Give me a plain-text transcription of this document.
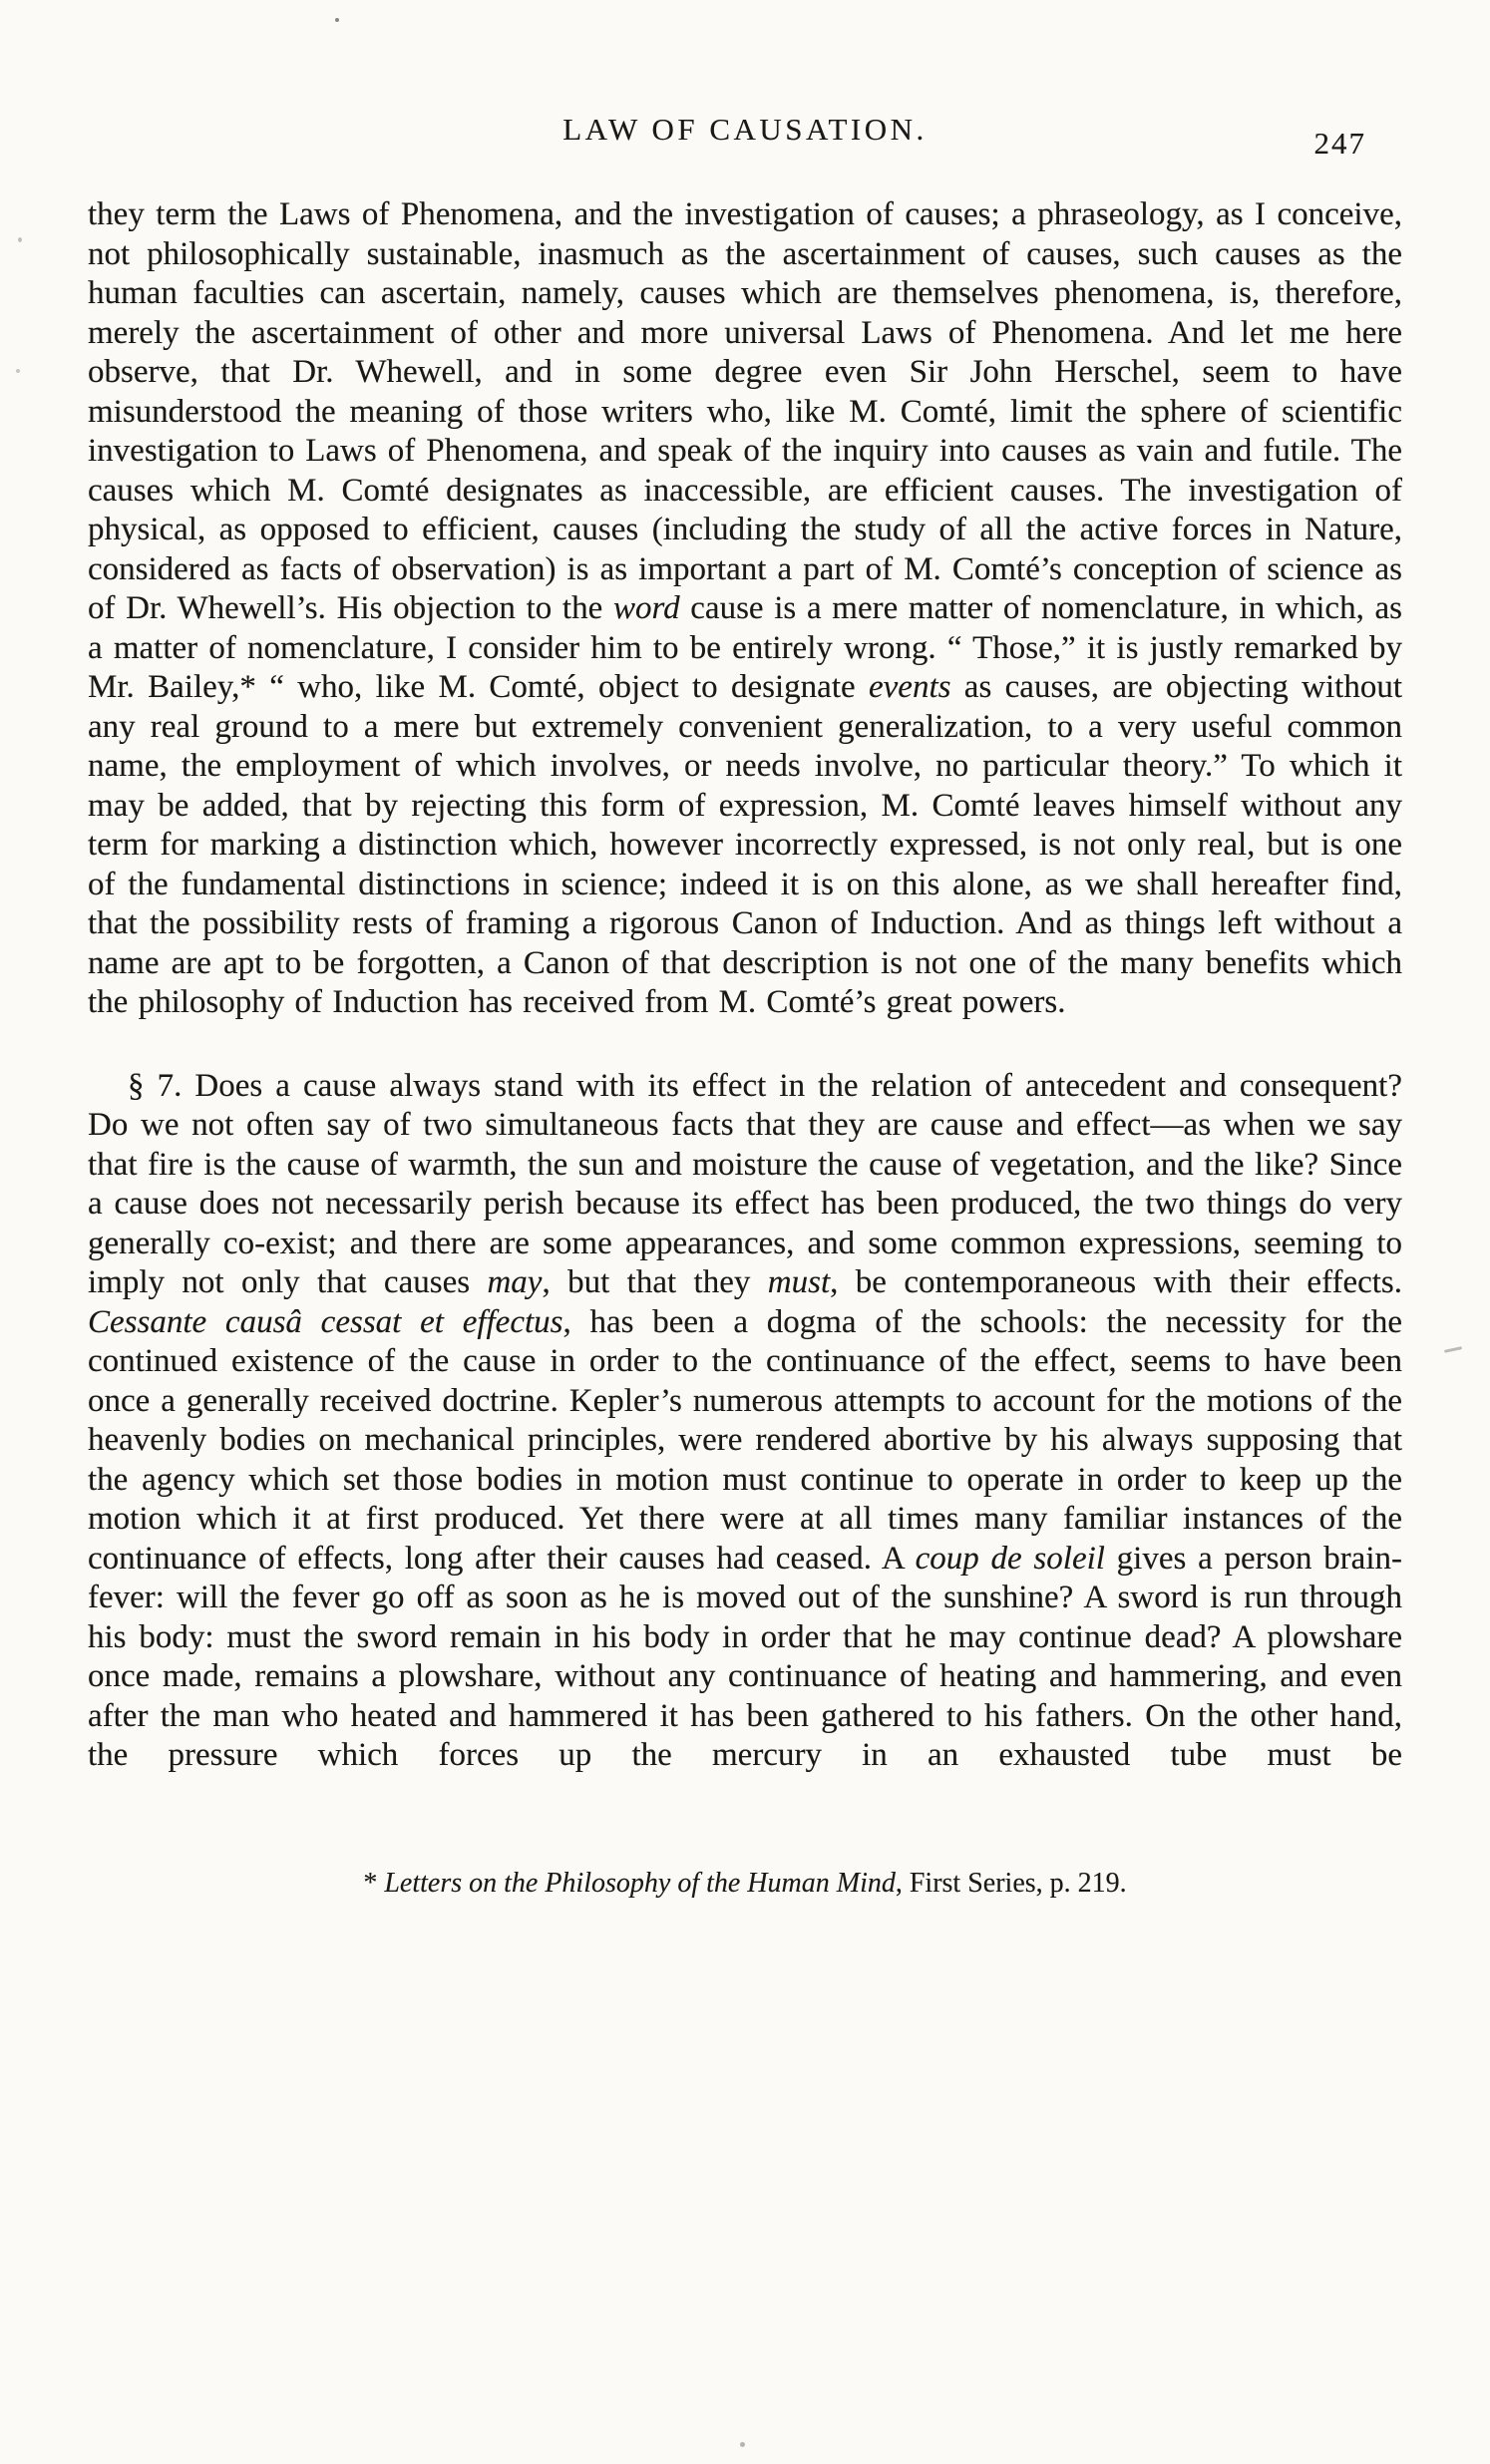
LAW OF CAUSATION.	247

they term the Laws of Phenomena, and the investigation of causes; a phraseology, as I conceive, not philosophically sustainable, inasmuch as the ascertainment of causes, such causes as the human faculties can ascertain, namely, causes which are themselves phenomena, is, therefore, merely the ascertainment of other and more universal Laws of Phenomena. And let me here observe, that Dr. Whewell, and in some degree even Sir John Herschel, seem to have misunderstood the meaning of those writers who, like M. Comté, limit the sphere of scientific investigation to Laws of Phenomena, and speak of the inquiry into causes as vain and futile. The causes which M. Comté designates as inaccessible, are efficient causes. The investigation of physical, as opposed to efficient, causes (including the study of all the active forces in Nature, considered as facts of observation) is as important a part of M. Comté’s conception of science as of Dr. Whewell’s. His objection to the word cause is a mere matter of nomenclature, in which, as a matter of nomenclature, I consider him to be entirely wrong. “ Those,” it is justly remarked by Mr. Bailey,* “ who, like M. Comté, object to designate events as causes, are objecting without any real ground to a mere but extremely convenient generalization, to a very useful common name, the employment of which involves, or needs involve, no particular theory.” To which it may be added, that by rejecting this form of expression, M. Comté leaves himself without any term for marking a distinction which, however incorrectly expressed, is not only real, but is one of the fundamental distinctions in science; indeed it is on this alone, as we shall hereafter find, that the possibility rests of framing a rigorous Canon of Induction. And as things left without a name are apt to be forgotten, a Canon of that description is not one of the many benefits which the philosophy of Induction has received from M. Comté’s great powers.

§ 7. Does a cause always stand with its effect in the relation of antecedent and consequent? Do we not often say of two simultaneous facts that they are cause and effect—as when we say that fire is the cause of warmth, the sun and moisture the cause of vegetation, and the like? Since a cause does not necessarily perish because its effect has been produced, the two things do very generally co-exist; and there are some appearances, and some common expressions, seeming to imply not only that causes may, but that they must, be contemporaneous with their effects. Cessante causâ cessat et effectus, has been a dogma of the schools: the necessity for the continued existence of the cause in order to the continuance of the effect, seems to have been once a generally received doctrine. Kepler’s numerous attempts to account for the motions of the heavenly bodies on mechanical principles, were rendered abortive by his always supposing that the agency which set those bodies in motion must continue to operate in order to keep up the motion which it at first produced. Yet there were at all times many familiar instances of the continuance of effects, long after their causes had ceased. A coup de soleil gives a person brain-fever: will the fever go off as soon as he is moved out of the sunshine? A sword is run through his body: must the sword remain in his body in order that he may continue dead? A plowshare once made, remains a plowshare, without any continuance of heating and hammering, and even after the man who heated and hammered it has been gathered to his fathers. On the other hand, the pressure which forces up the mercury in an exhausted tube must be

* Letters on the Philosophy of the Human Mind, First Series, p. 219.
